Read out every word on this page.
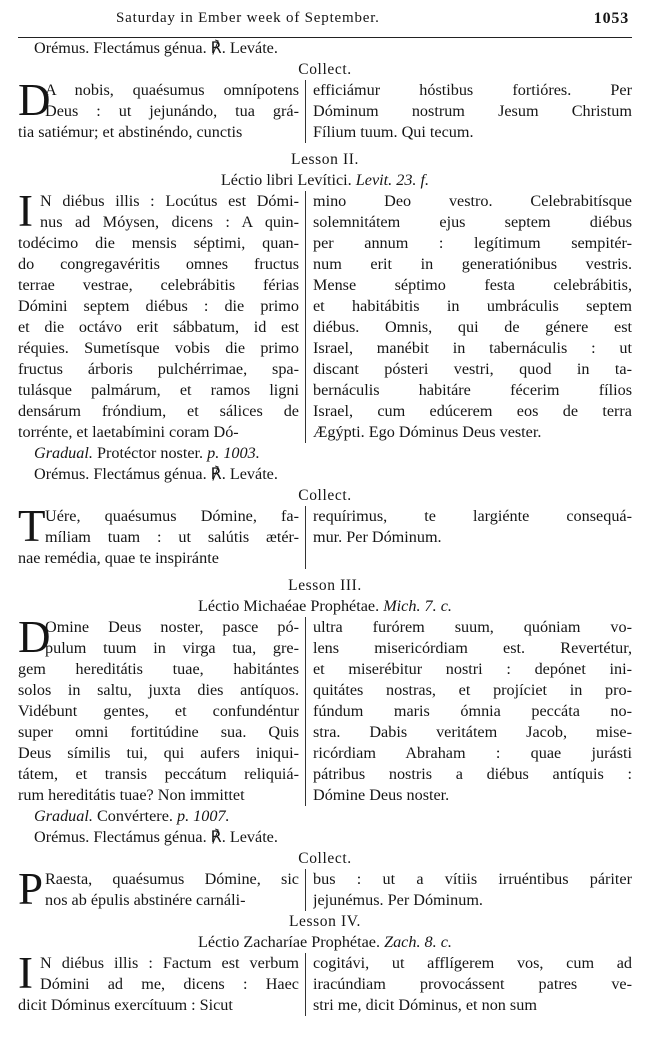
Saturday in Ember week of September.	1053
Orémus. Flectámus génua. ℟. Leváte.
Collect.
D
A nobis, quaésumus omnípotens
Deus : ut jejunándo, tua grá-
tia satiémur; et abstinéndo, cunctis
efficiámur hóstibus fortióres. Per
Dóminum nostrum Jesum Christum
Fílium tuum. Qui tecum.
Lesson II.
Léctio libri Levítici. Levit. 23. f.
I N diébus illis : Locútus est Dómi-
nus ad Móysen, dicens : A quin-
todécimo die mensis séptimi, quan-
do congregavéritis omnes fructus
terrae vestrae, celebrábitis férias
Dómini septem diébus : die primo
et die octávo erit sábbatum, id est
réquies. Sumetísque vobis die primo
fructus árboris pulchérrimae, spa-
tulásque palmárum, et ramos ligni
densárum fróndium, et sálices de
torrénte, et laetabímini coram Dó-
mino Deo vestro. Celebrabitísque
solemnitátem ejus septem diébus
per annum : legítimum sempitér-
num erit in generatiónibus vestris.
Mense séptimo festa celebrábitis,
et habitábitis in umbráculis septem
diébus. Omnis, qui de génere est
Israel, manébit in tabernáculis : ut
discant pósteri vestri, quod in ta-
bernáculis habitáre fécerim fílios
Israel, cum edúcerem eos de terra
Ægýpti. Ego Dóminus Deus vester.
Gradual. Protéctor noster. p. 1003.
Orémus. Flectámus génua. ℟. Leváte.
Collect.
T Uére, quaésumus Dómine, fa-
míliam tuam : ut salútis ætér-
nae remédia, quae te inspiránte
requírimus, te largiénte consequá-
mur. Per Dóminum.
Lesson III.
Léctio Michaéae Prophétae. Mich. 7. c.
D
Omine Deus noster, pasce pó-
pulum tuum in virga tua, gre-
gem hereditátis tuae, habitántes
solos in saltu, juxta dies antíquos.
Vidébunt gentes, et confundéntur
super omni fortitúdine sua. Quis
Deus símilis tui, qui aufers iniqui-
tátem, et transis peccátum reliquiá-
rum hereditátis tuae? Non immittet
ultra furórem suum, quóniam vo-
lens misericórdiam est. Revertétur,
et miserébitur nostri : depónet ini-
quitátes nostras, et projíciet in pro-
fúndum maris ómnia peccáta no-
stra. Dabis veritátem Jacob, mise-
ricórdiam Abraham : quae jurásti
pátribus nostris a diébus antíquis :
Dómine Deus noster.
Gradual. Convértere. p. 1007.
Orémus. Flectámus génua. ℟. Leváte.
Collect.
P Raesta, quaésumus Dómine, sic
nos ab épulis abstinére carnáli-
bus : ut a vítiis irruéntibus páriter
jejunémus. Per Dóminum.
Lesson IV.
Léctio Zacharíae Prophétae. Zach. 8. c.
I N diébus illis : Factum est verbum
Dómini ad me, dicens : Haec
dicit Dóminus exercítuum : Sicut
cogitávi, ut afflígerem vos, cum ad
iracúndiam provocássent patres ve-
stri me, dicit Dóminus, et non sum
